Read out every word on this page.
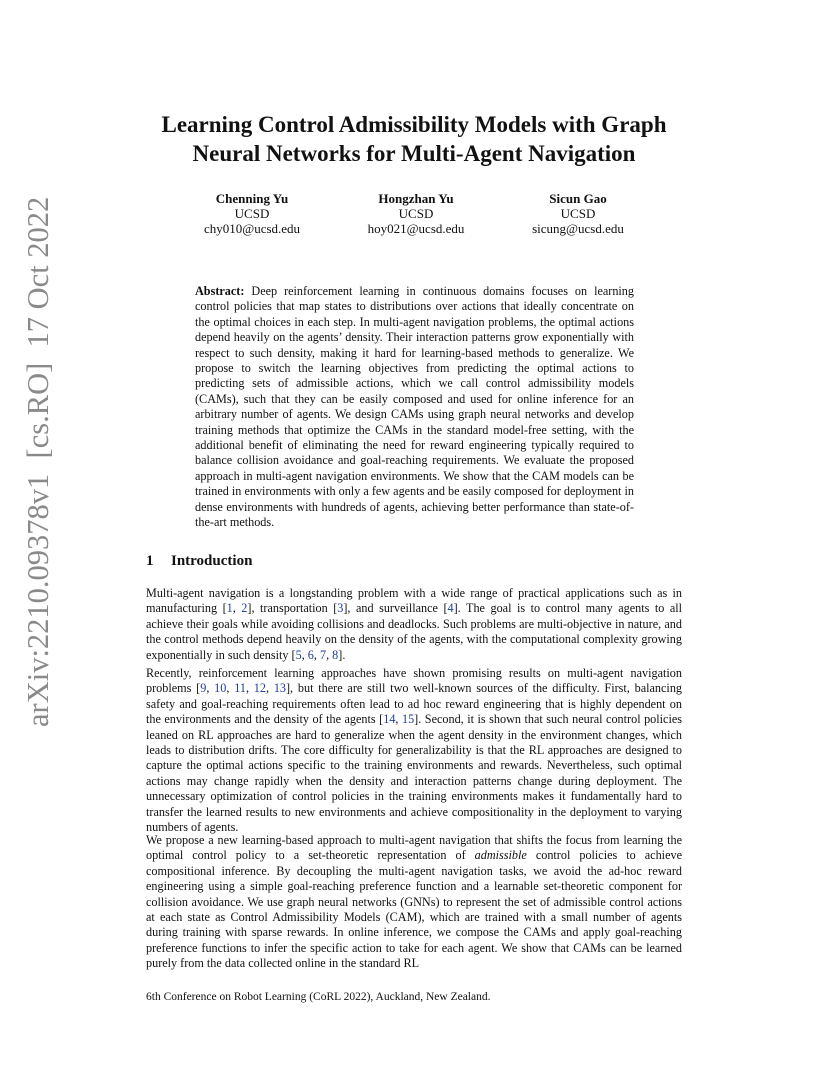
arXiv:2210.09378v1  [cs.RO]  17 Oct 2022
Learning Control Admissibility Models with Graph
Neural Networks for Multi-Agent Navigation
Chenning Yu
UCSD
chy010@ucsd.edu
Hongzhan Yu
UCSD
hoy021@ucsd.edu
Sicun Gao
UCSD
sicung@ucsd.edu

Abstract: Deep reinforcement learning in continuous domains focuses on learning control policies that map states to distributions over actions that ideally concentrate on the optimal choices in each step. In multi-agent navigation problems, the optimal actions depend heavily on the agents’ density. Their interaction patterns grow exponentially with respect to such density, making it hard for learning-based methods to generalize. We propose to switch the learning objectives from predicting the optimal actions to predicting sets of admissible actions, which we call control admissibility models (CAMs), such that they can be easily composed and used for online inference for an arbitrary number of agents. We design CAMs using graph neural networks and develop training methods that optimize the CAMs in the standard model-free setting, with the additional benefit of eliminating the need for reward engineering typically required to balance collision avoidance and goal-reaching requirements. We evaluate the proposed approach in multi-agent navigation environments. We show that the CAM models can be trained in environments with only a few agents and be easily composed for deployment in dense environments with hundreds of agents, achieving better performance than state-of-the-art methods.

1 Introduction

Multi-agent navigation is a longstanding problem with a wide range of practical applications such as in manufacturing [1, 2], transportation [3], and surveillance [4]. The goal is to control many agents to all achieve their goals while avoiding collisions and deadlocks. Such problems are multi-objective in nature, and the control methods depend heavily on the density of the agents, with the computational complexity growing exponentially in such density [5, 6, 7, 8].

Recently, reinforcement learning approaches have shown promising results on multi-agent navigation problems [9, 10, 11, 12, 13], but there are still two well-known sources of the difficulty. First, balancing safety and goal-reaching requirements often lead to ad hoc reward engineering that is highly dependent on the environments and the density of the agents [14, 15]. Second, it is shown that such neural control policies leaned on RL approaches are hard to generalize when the agent density in the environment changes, which leads to distribution drifts. The core difficulty for generalizability is that the RL approaches are designed to capture the optimal actions specific to the training environments and rewards. Nevertheless, such optimal actions may change rapidly when the density and interaction patterns change during deployment. The unnecessary optimization of control policies in the training environments makes it fundamentally hard to transfer the learned results to new environments and achieve compositionality in the deployment to varying numbers of agents.

We propose a new learning-based approach to multi-agent navigation that shifts the focus from learning the optimal control policy to a set-theoretic representation of admissible control policies to achieve compositional inference. By decoupling the multi-agent navigation tasks, we avoid the ad-hoc reward engineering using a simple goal-reaching preference function and a learnable set-theoretic component for collision avoidance. We use graph neural networks (GNNs) to represent the set of admissible control actions at each state as Control Admissibility Models (CAM), which are trained with a small number of agents during training with sparse rewards. In online inference, we compose the CAMs and apply goal-reaching preference functions to infer the specific action to take for each agent. We show that CAMs can be learned purely from the data collected online in the standard RL

6th Conference on Robot Learning (CoRL 2022), Auckland, New Zealand.
